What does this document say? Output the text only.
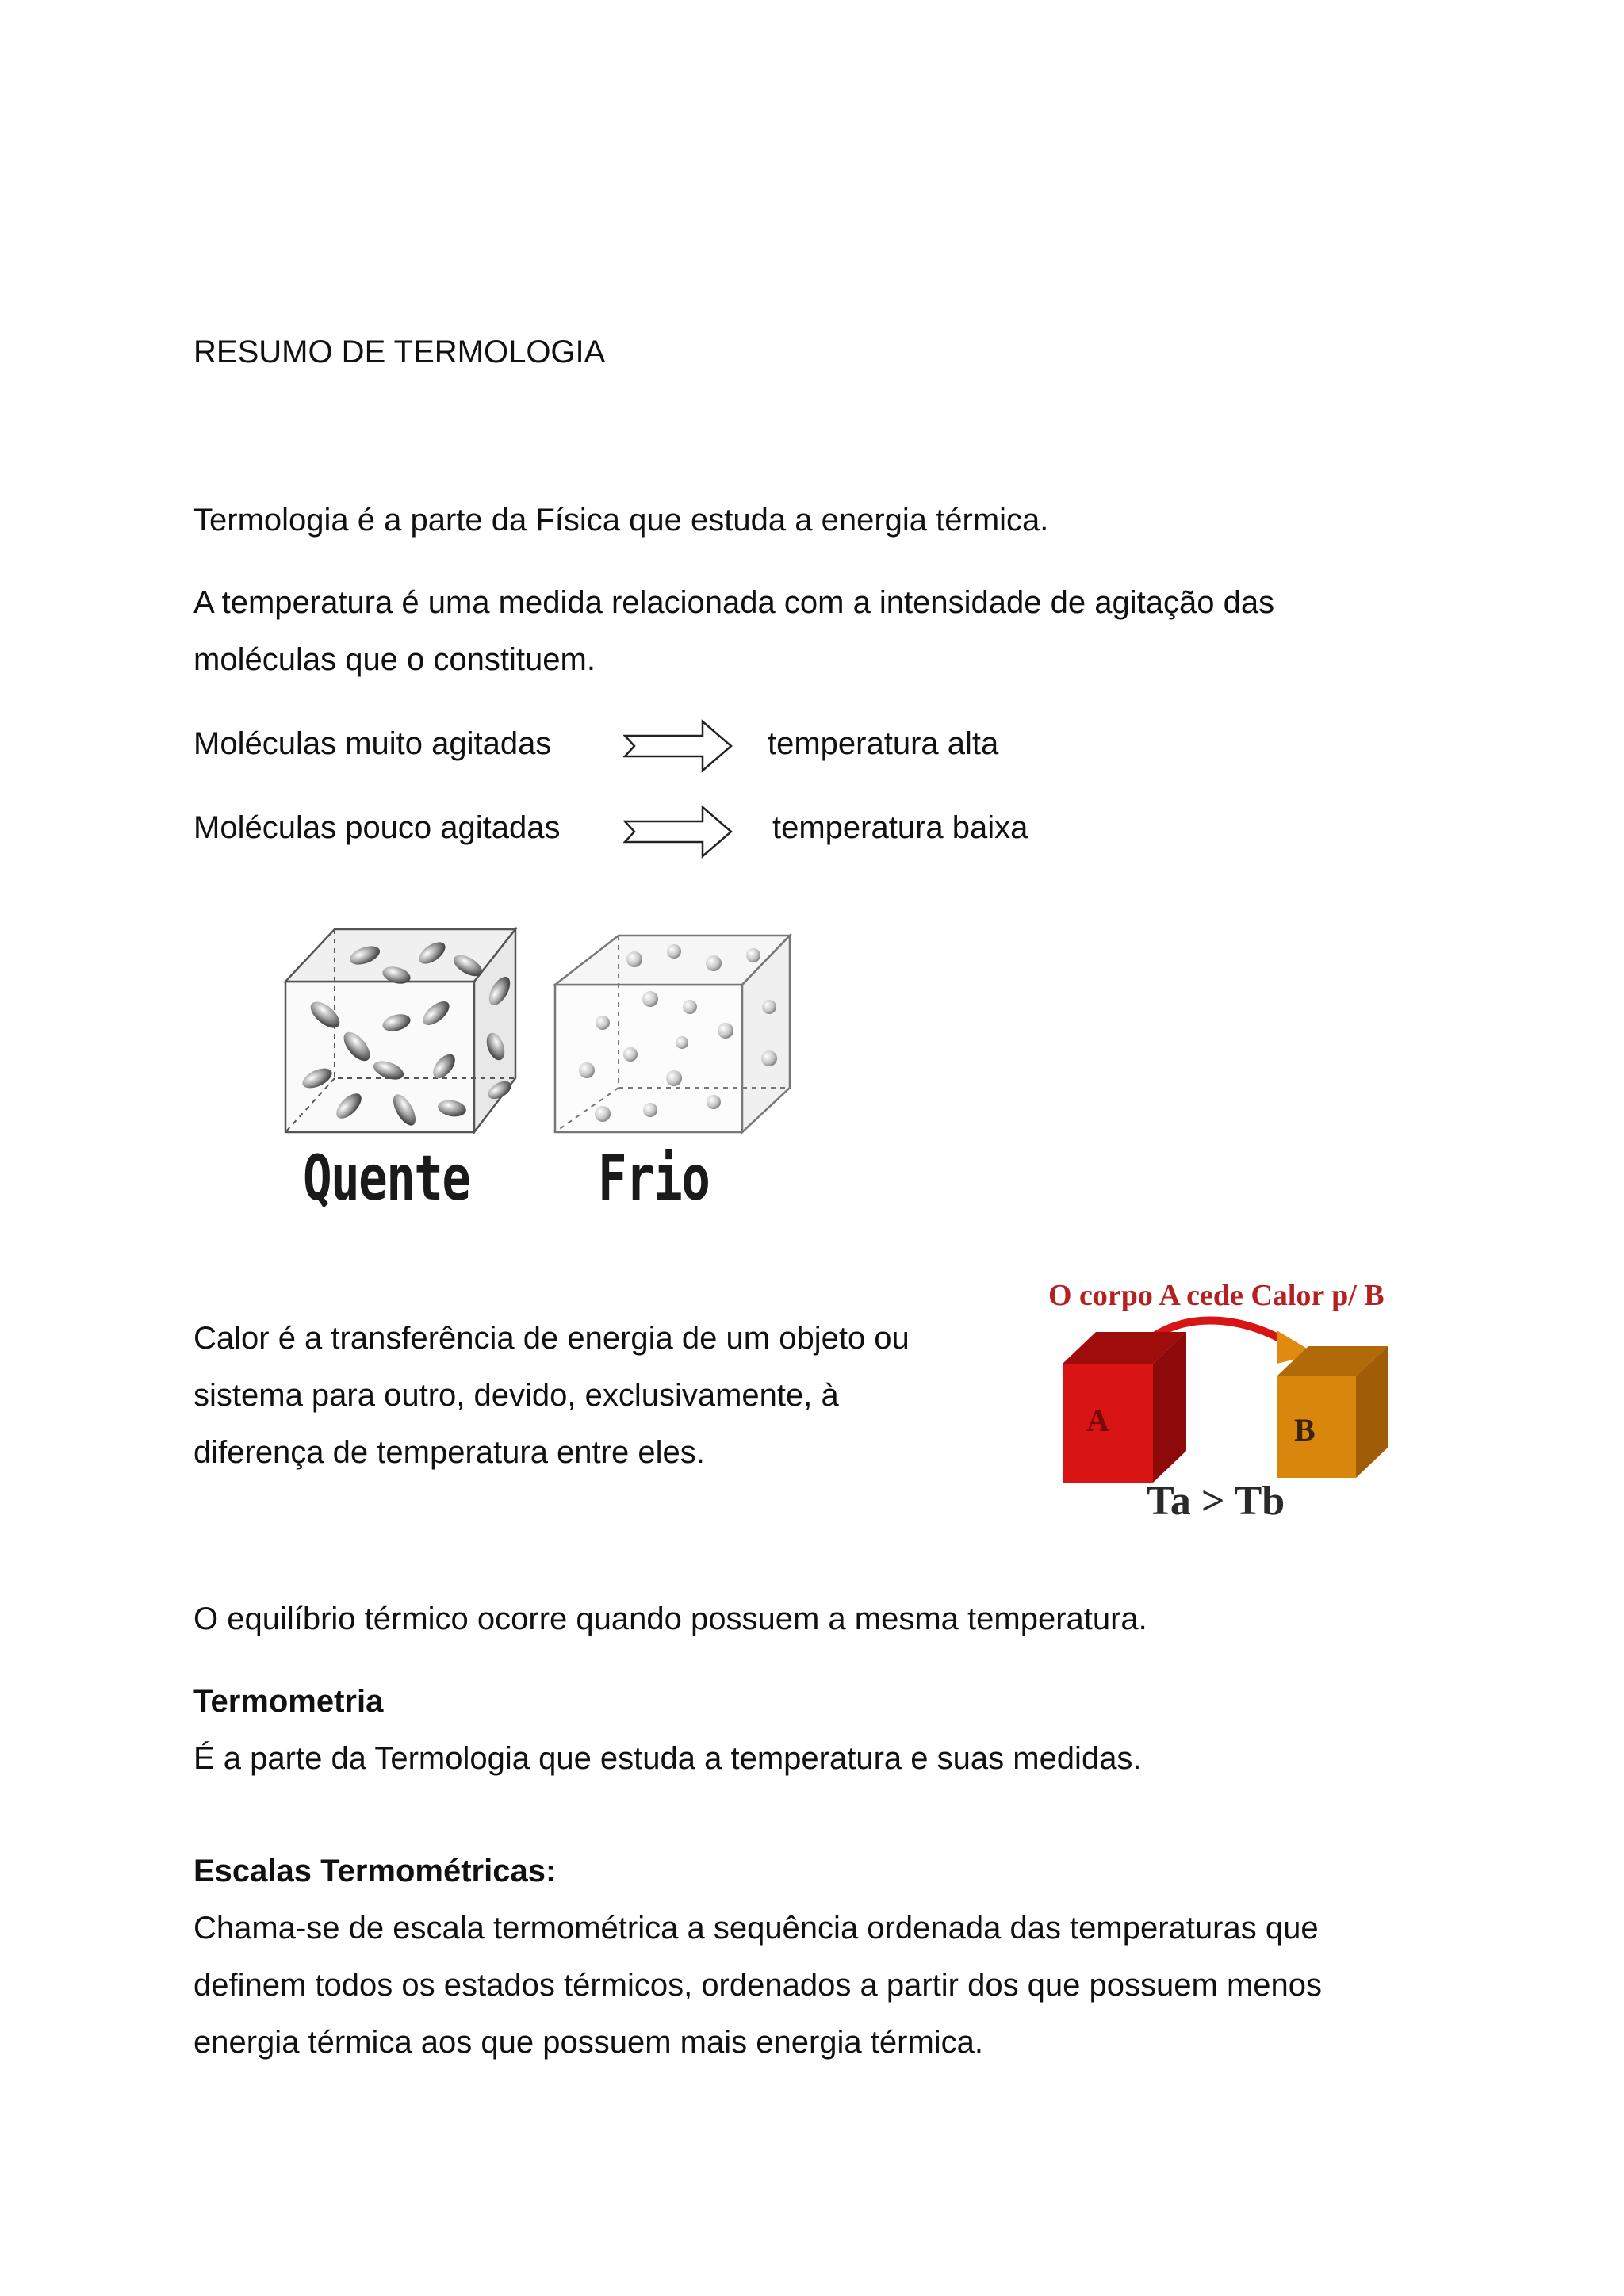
RESUMO DE TERMOLOGIA
Termologia é a parte da Física que estuda a energia térmica.
A temperatura é uma medida relacionada com a intensidade de agitação das
moléculas que o constituem.
Moléculas muito agitadas	temperatura alta
Moléculas pouco agitadas	temperatura baixa
Quente Frio
Calor é a transferência de energia de um objeto ou
sistema para outro, devido, exclusivamente, à
diferença de temperatura entre eles.
O corpo A cede Calor p/ B
A	B
Ta > Tb
O equilíbrio térmico ocorre quando possuem a mesma temperatura.
Termometria
É a parte da Termologia que estuda a temperatura e suas medidas.
Escalas Termométricas:
Chama-se de escala termométrica a sequência ordenada das temperaturas que
definem todos os estados térmicos, ordenados a partir dos que possuem menos
energia térmica aos que possuem mais energia térmica.
